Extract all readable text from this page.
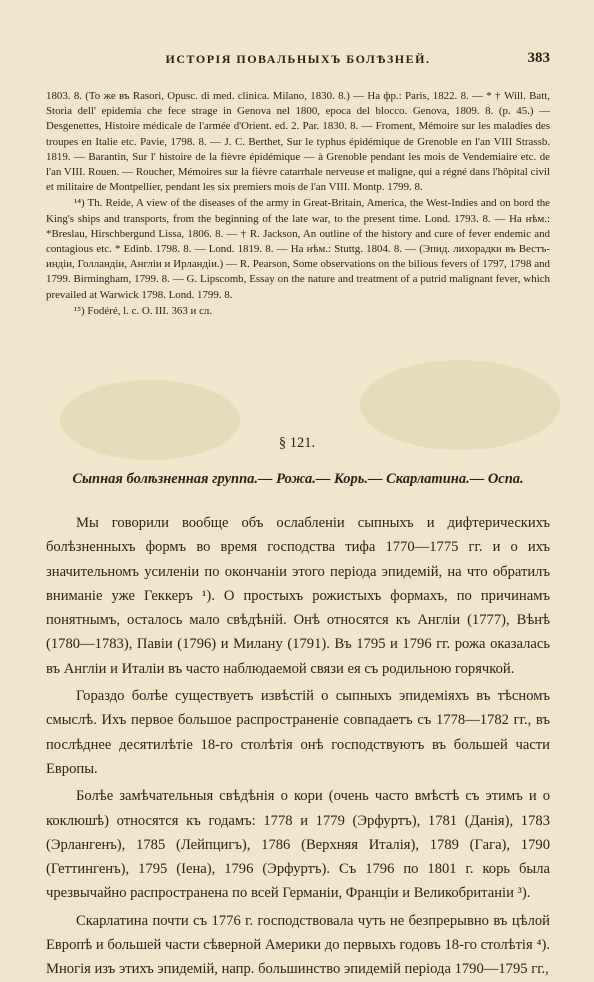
ИСТОРІЯ ПОВАЛЬНЫХЪ БОЛѢЗНЕЙ.	383

1803. 8. (То же въ Rasori, Opusc. di med. clinica. Milano, 1830. 8.) — На фр.: Paris, 1822. 8. — * † Will. Batt, Storia dell' epidemia che fece strage in Genova nel 1800, epoca del blocco. Genova, 1809. 8. (p. 45.) — Desgenettes, Histoire médicale de l'armée d'Orient. ed. 2. Par. 1830. 8. — Froment, Mémoire sur les maladies des troupes en Italie etc. Pavie, 1798. 8. — J. C. Berthet, Sur le typhus épidémique de Grenoble en l'an VIII Strassb. 1819. — Barantin, Sur l' histoire de la fièvre épidémique — à Grenoble pendant les mois de Vendemiaire etc. de l'an VIII. Rouen. — Roucher, Mémoires sur la fièvre catarrhale nerveuse et maligne, qui a régné dans l'hôpital civil et militaire de Montpellier, pendant les six premiers mois de l'an VIII. Montp. 1799. 8.

¹⁴) Th. Reide, A view of the diseases of the army in Great-Britain, America, the West-Indies and on bord the King's ships and transports, from the beginning of the late war, to the present time. Lond. 1793. 8. — На нѣм.: *Breslau, Hirschbergund Lissa, 1806. 8. — † R. Jackson, An outline of the history and cure of fever endemic and contagious etc. * Edinb. 1798. 8. — Lond. 1819. 8. — На нѣм.: Stuttg. 1804. 8. — (Эпид. лихорадки въ Вестъ-индіи, Голландіи, Англіи и Ирландіи.) — R. Pearson, Some observations on the bilious fevers of 1797, 1798 and 1799. Birmingham, 1799. 8. — G. Lipscomb, Essay on the nature and treatment of a putrid malignant fever, which prevailed at Warwick 1798. Lond. 1799. 8.

¹⁵) Fodéré, l. c. O. III. 363 и сл.

§ 121.
Сыпная болѣзненная группа.— Рожа.— Корь.— Скарлатина.— Оспа.

Мы говорили вообще объ ослабленіи сыпныхъ и дифтерическихъ болѣзненныхъ формъ во время господства тифа 1770—1775 гг. и о ихъ значительномъ усиленіи по окончаніи этого періода эпидемій, на что обратилъ вниманіе уже Геккеръ ¹). О простыхъ рожистыхъ формахъ, по причинамъ понятнымъ, осталось мало свѣдѣній. Онѣ относятся къ Англіи (1777), Вѣнѣ (1780—1783), Павіи (1796) и Милану (1791). Въ 1795 и 1796 гг. рожа оказалась въ Англіи и Италіи въ часто наблюдаемой связи ея съ родильною горячкой.

Гораздо болѣе существуетъ извѣстій о сыпныхъ эпидеміяхъ въ тѣсномъ смыслѣ. Ихъ первое большое распространеніе совпадаетъ съ 1778—1782 гг., въ послѣднее десятилѣтіе 18-го столѣтія онѣ господствуютъ въ большей части Европы.

Болѣе замѣчательныя свѣдѣнія о кори (очень часто вмѣстѣ съ этимъ и о коклюшѣ) относятся къ годамъ: 1778 и 1779 (Эрфуртъ), 1781 (Данія), 1783 (Эрлангенъ), 1785 (Лейпцигъ), 1786 (Верхняя Италія), 1789 (Гага), 1790 (Геттингенъ), 1795 (Іена), 1796 (Эрфуртъ). Съ 1796 по 1801 г. корь была чрезвычайно распространена по всей Германіи, Франціи и Великобританіи ³).

Скарлатина почти съ 1776 г. господствовала чуть не безпрерывно въ цѣлой Европѣ и большей части сѣверной Америки до первыхъ годовъ 18-го столѣтія ⁴). Многія изъ этихъ эпидемій, напр. большинство эпидемій періода 1790—1795 гг.,
